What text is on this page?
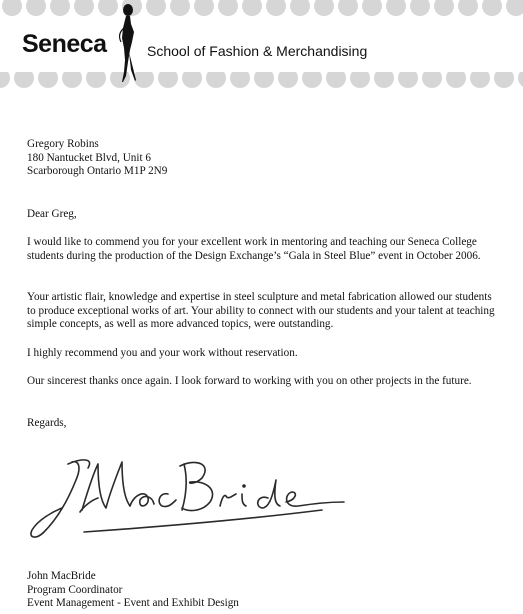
Seneca	School of Fashion & Merchandising
Gregory Robins
180 Nantucket Blvd, Unit 6
Scarborough Ontario M1P 2N9
Dear Greg,
I would like to commend you for your excellent work in mentoring and teaching our Seneca College students during the production of the Design Exchange’s “Gala in Steel Blue” event in October 2006.
Your artistic flair, knowledge and expertise in steel sculpture and metal fabrication allowed our students to produce exceptional works of art. Your ability to connect with our students and your talent at teaching simple concepts, as well as more advanced topics, were outstanding.
I highly recommend you and your work without reservation.
Our sincerest thanks once again. I look forward to working with you on other projects in the future.
Regards,
John MacBride
Program Coordinator
Event Management - Event and Exhibit Design
